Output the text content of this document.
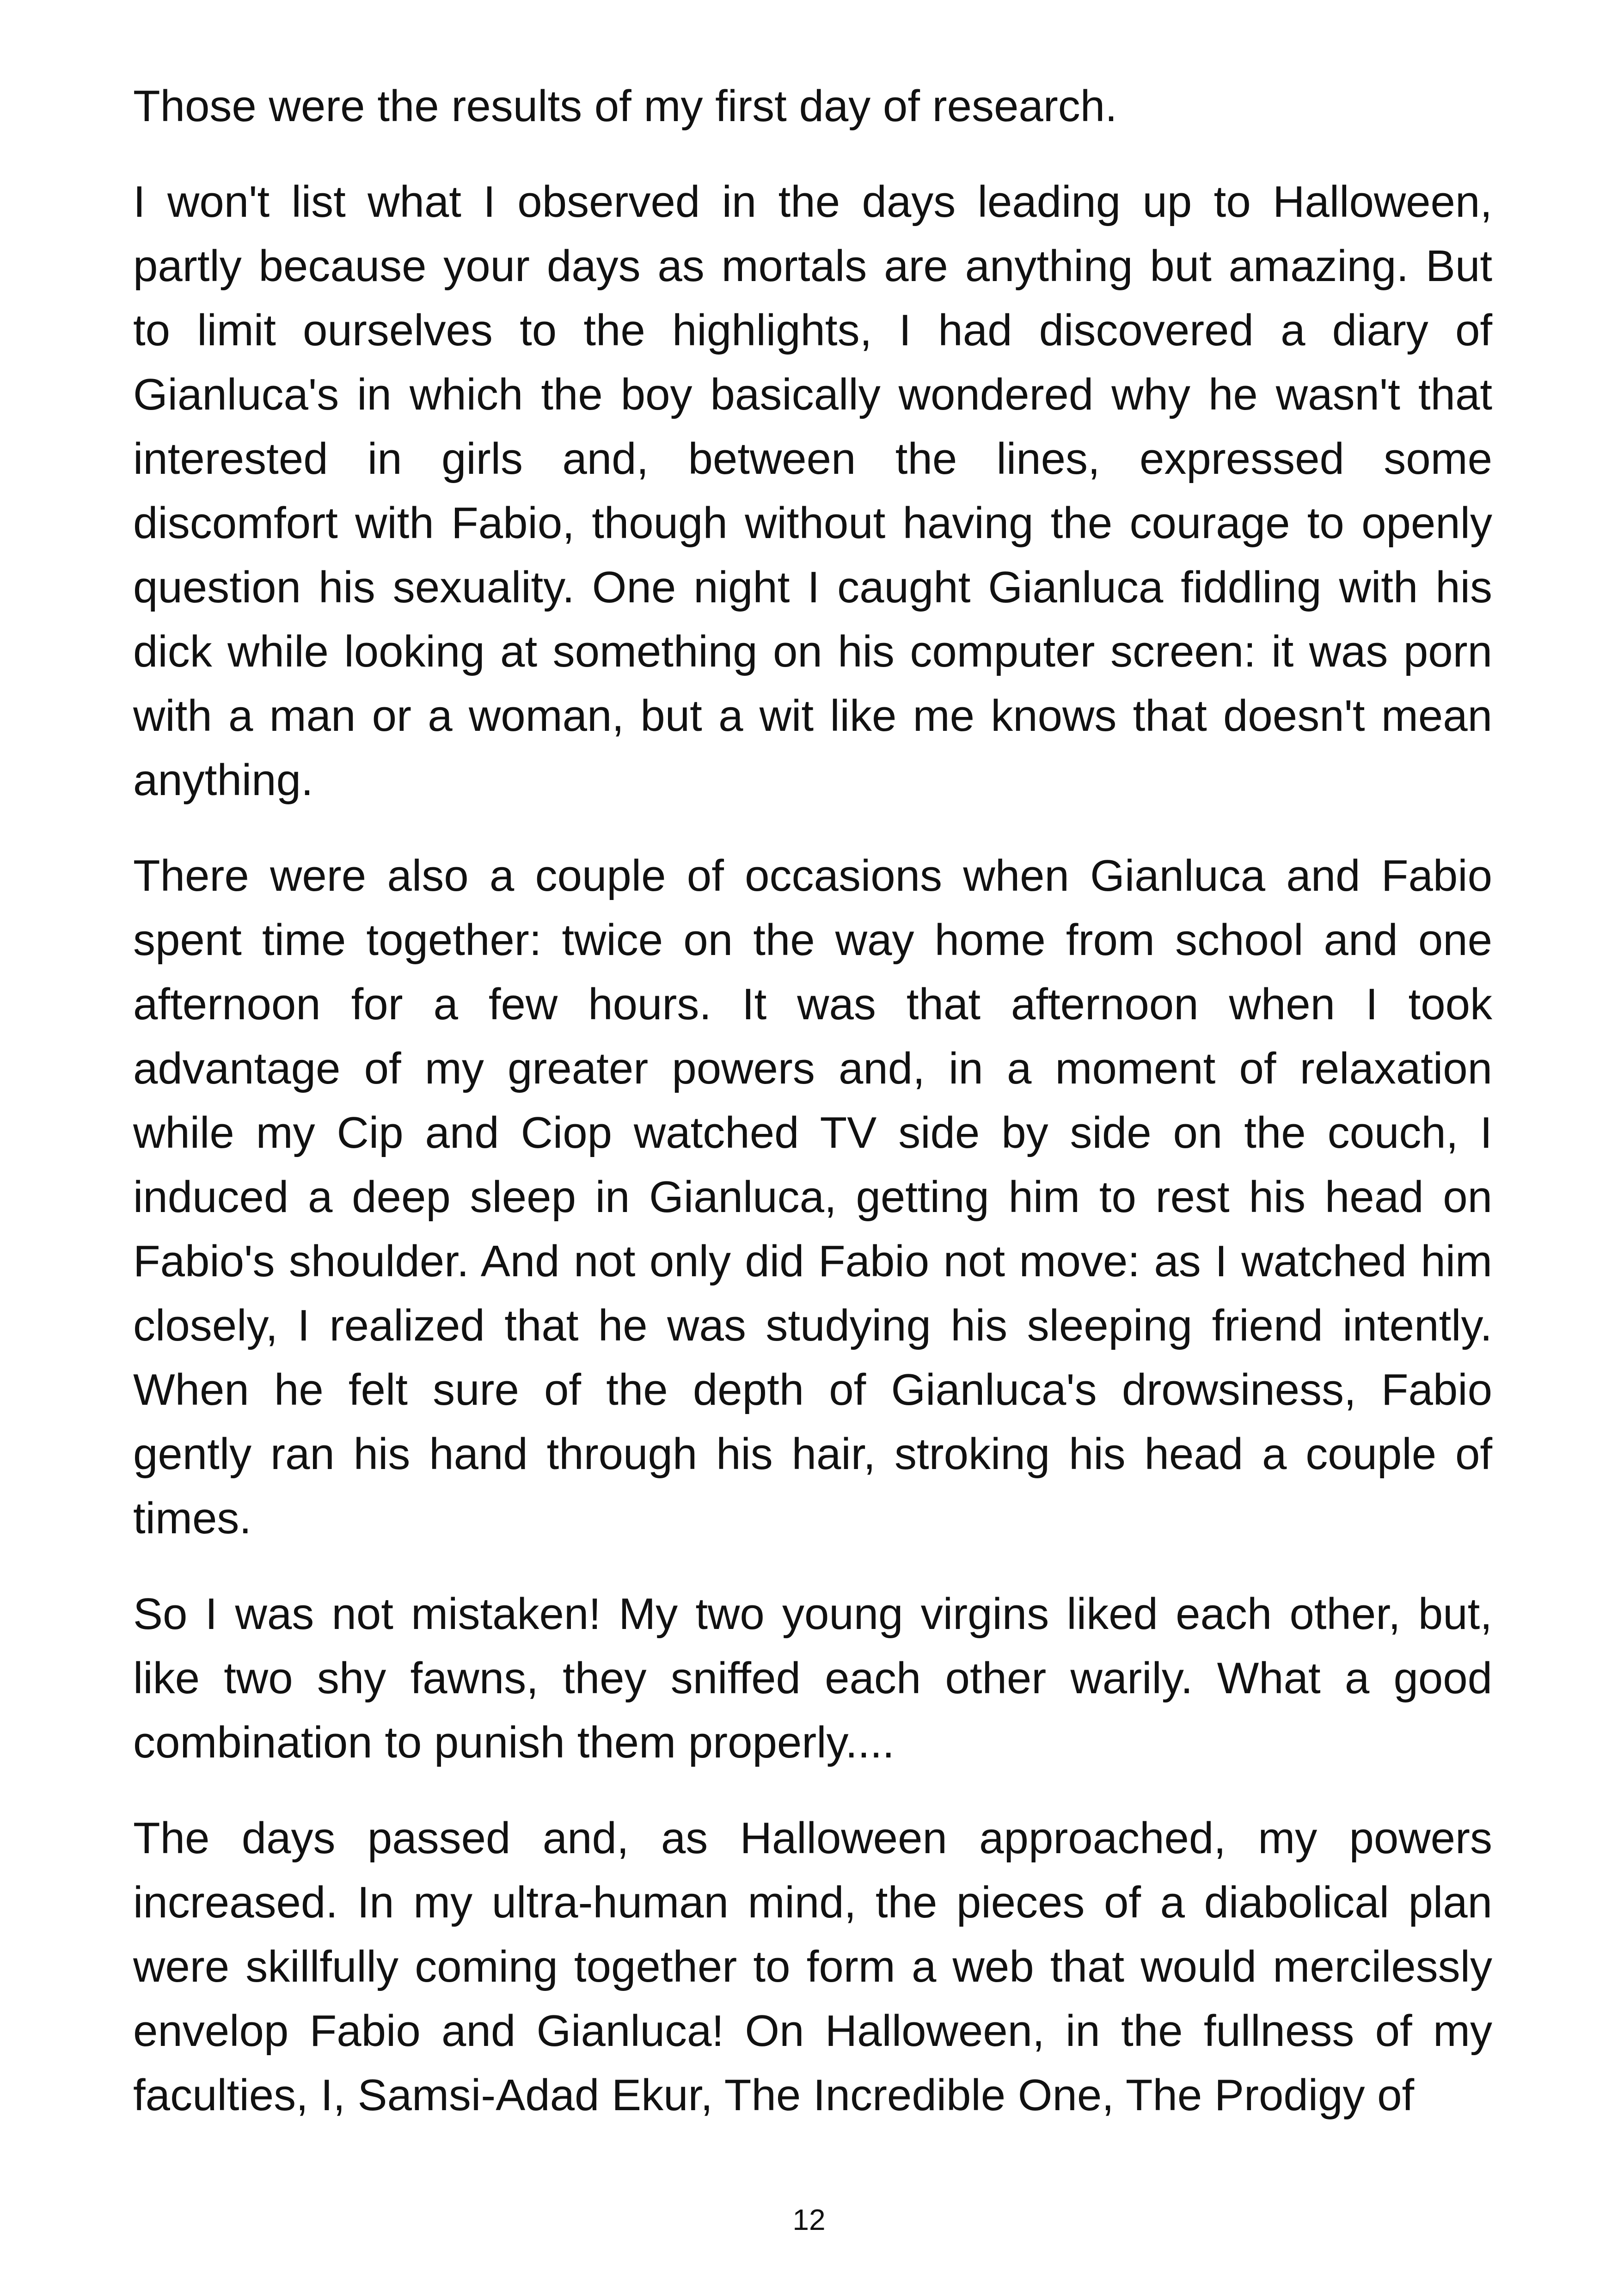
Those were the results of my first day of research.

I won't list what I observed in the days leading up to Halloween, partly because your days as mortals are anything but amazing. But to limit ourselves to the highlights, I had discovered a diary of Gianluca's in which the boy basically wondered why he wasn't that interested in girls and, between the lines, expressed some discomfort with Fabio, though without having the courage to openly question his sexuality. One night I caught Gianluca fiddling with his dick while looking at something on his computer screen: it was porn with a man or a woman, but a wit like me knows that doesn't mean anything.

There were also a couple of occasions when Gianluca and Fabio spent time together: twice on the way home from school and one afternoon for a few hours. It was that afternoon when I took advantage of my greater powers and, in a moment of relaxation while my Cip and Ciop watched TV side by side on the couch, I induced a deep sleep in Gianluca, getting him to rest his head on Fabio's shoulder. And not only did Fabio not move: as I watched him closely, I realized that he was studying his sleeping friend intently. When he felt sure of the depth of Gianluca's drowsiness, Fabio gently ran his hand through his hair, stroking his head a couple of times.

So I was not mistaken! My two young virgins liked each other, but, like two shy fawns, they sniffed each other warily. What a good combination to punish them properly....

The days passed and, as Halloween approached, my powers increased. In my ultra-human mind, the pieces of a diabolical plan were skillfully coming together to form a web that would mercilessly envelop Fabio and Gianluca! On Halloween, in the fullness of my faculties, I, Samsi-Adad Ekur, The Incredible One, The Prodigy of

12
